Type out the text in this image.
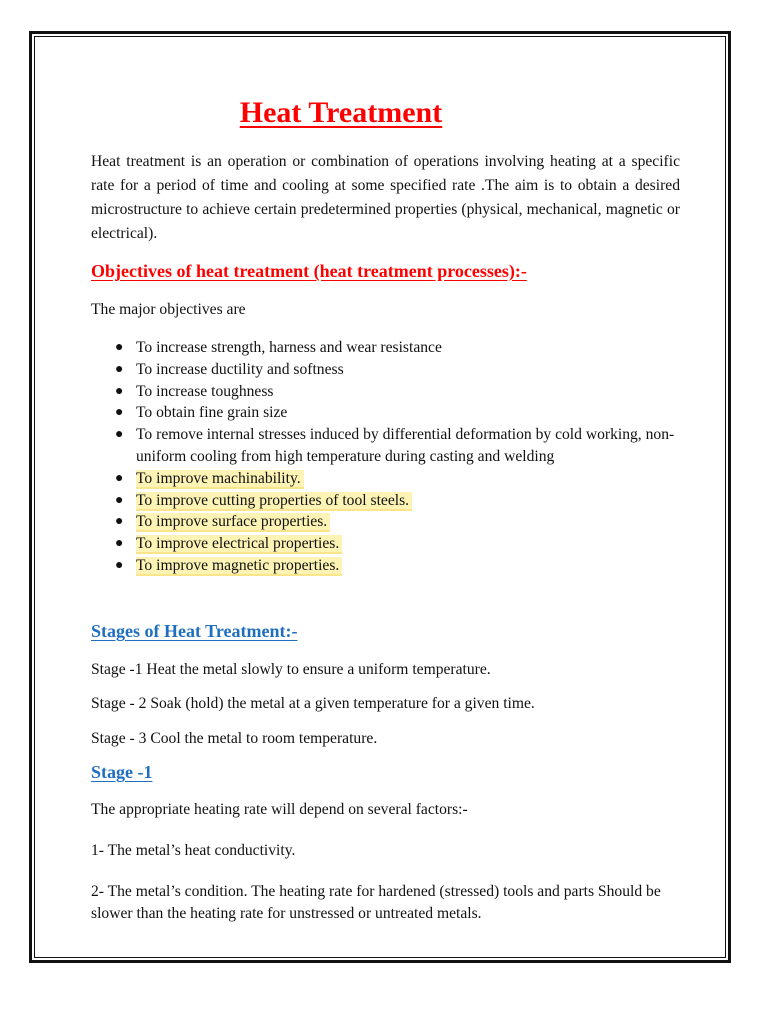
Heat Treatment
Heat treatment is an operation or combination of operations involving heating at a specific rate for a period of time and cooling at some specified rate .The aim is to obtain a desired microstructure to achieve certain predetermined properties (physical, mechanical, magnetic or electrical).
Objectives of heat treatment (heat treatment processes):-
The major objectives are
● To increase strength, harness and wear resistance
● To increase ductility and softness
● To increase toughness
● To obtain fine grain size
● To remove internal stresses induced by differential deformation by cold working, non-uniform cooling from high temperature during casting and welding
● To improve machinability.
● To improve cutting properties of tool steels.
● To improve surface properties.
● To improve electrical properties.
● To improve magnetic properties.
Stages of Heat Treatment:-
Stage -1 Heat the metal slowly to ensure a uniform temperature.
Stage - 2 Soak (hold) the metal at a given temperature for a given time.
Stage - 3 Cool the metal to room temperature.
Stage -1
The appropriate heating rate will depend on several factors:-
1- The metal’s heat conductivity.
2- The metal’s condition. The heating rate for hardened (stressed) tools and parts Should be slower than the heating rate for unstressed or untreated metals.
